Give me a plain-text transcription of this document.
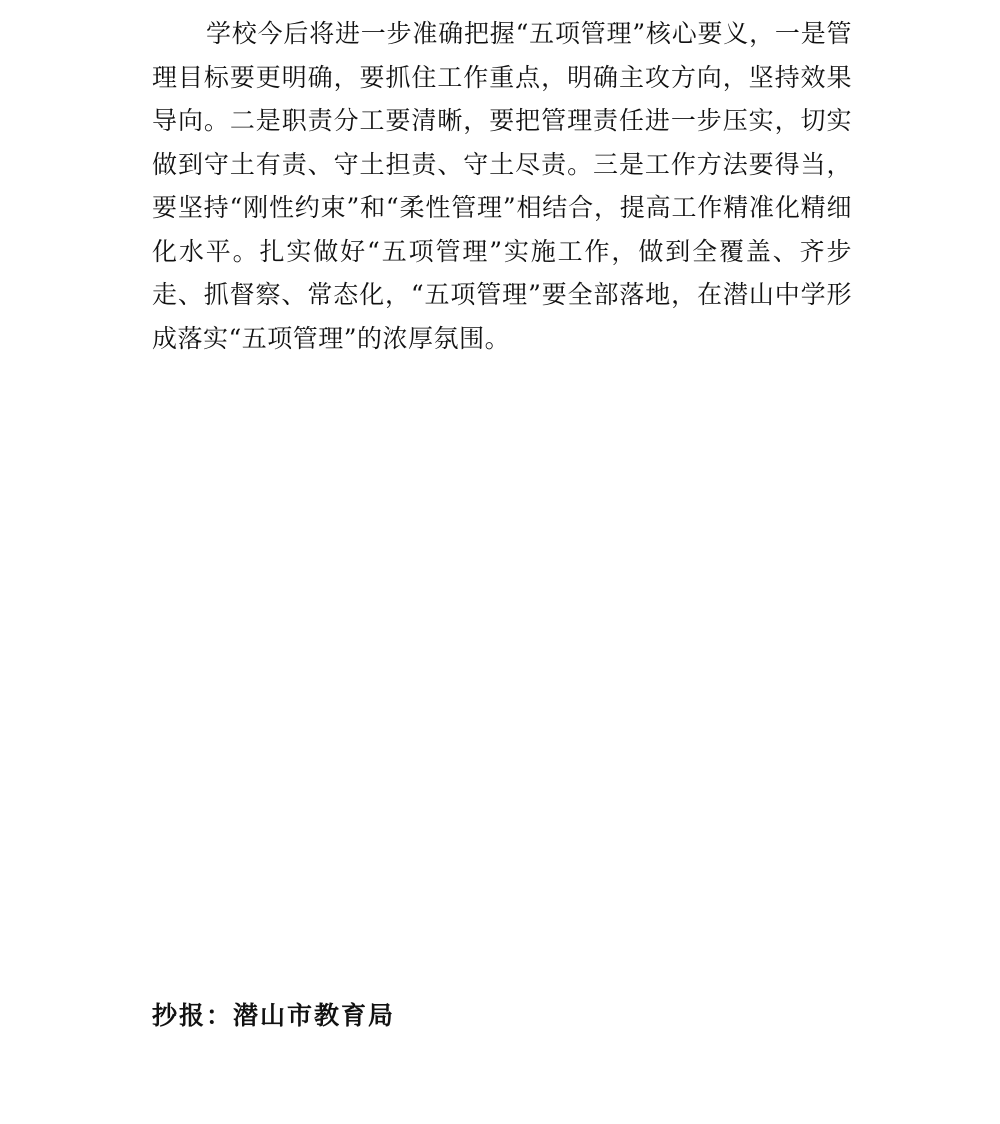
学校今后将进一步准确把握“五项管理”核心要义，一是管理目标要更明确，要抓住工作重点，明确主攻方向，坚持效果导向。二是职责分工要清晰，要把管理责任进一步压实，切实做到守土有责、守土担责、守土尽责。三是工作方法要得当，要坚持“刚性约束”和“柔性管理”相结合，提高工作精准化精细化水平。扎实做好“五项管理”实施工作，做到全覆盖、齐步走、抓督察、常态化，“五项管理”要全部落地，在潜山中学形成落实“五项管理”的浓厚氛围。

抄报：潜山市教育局
